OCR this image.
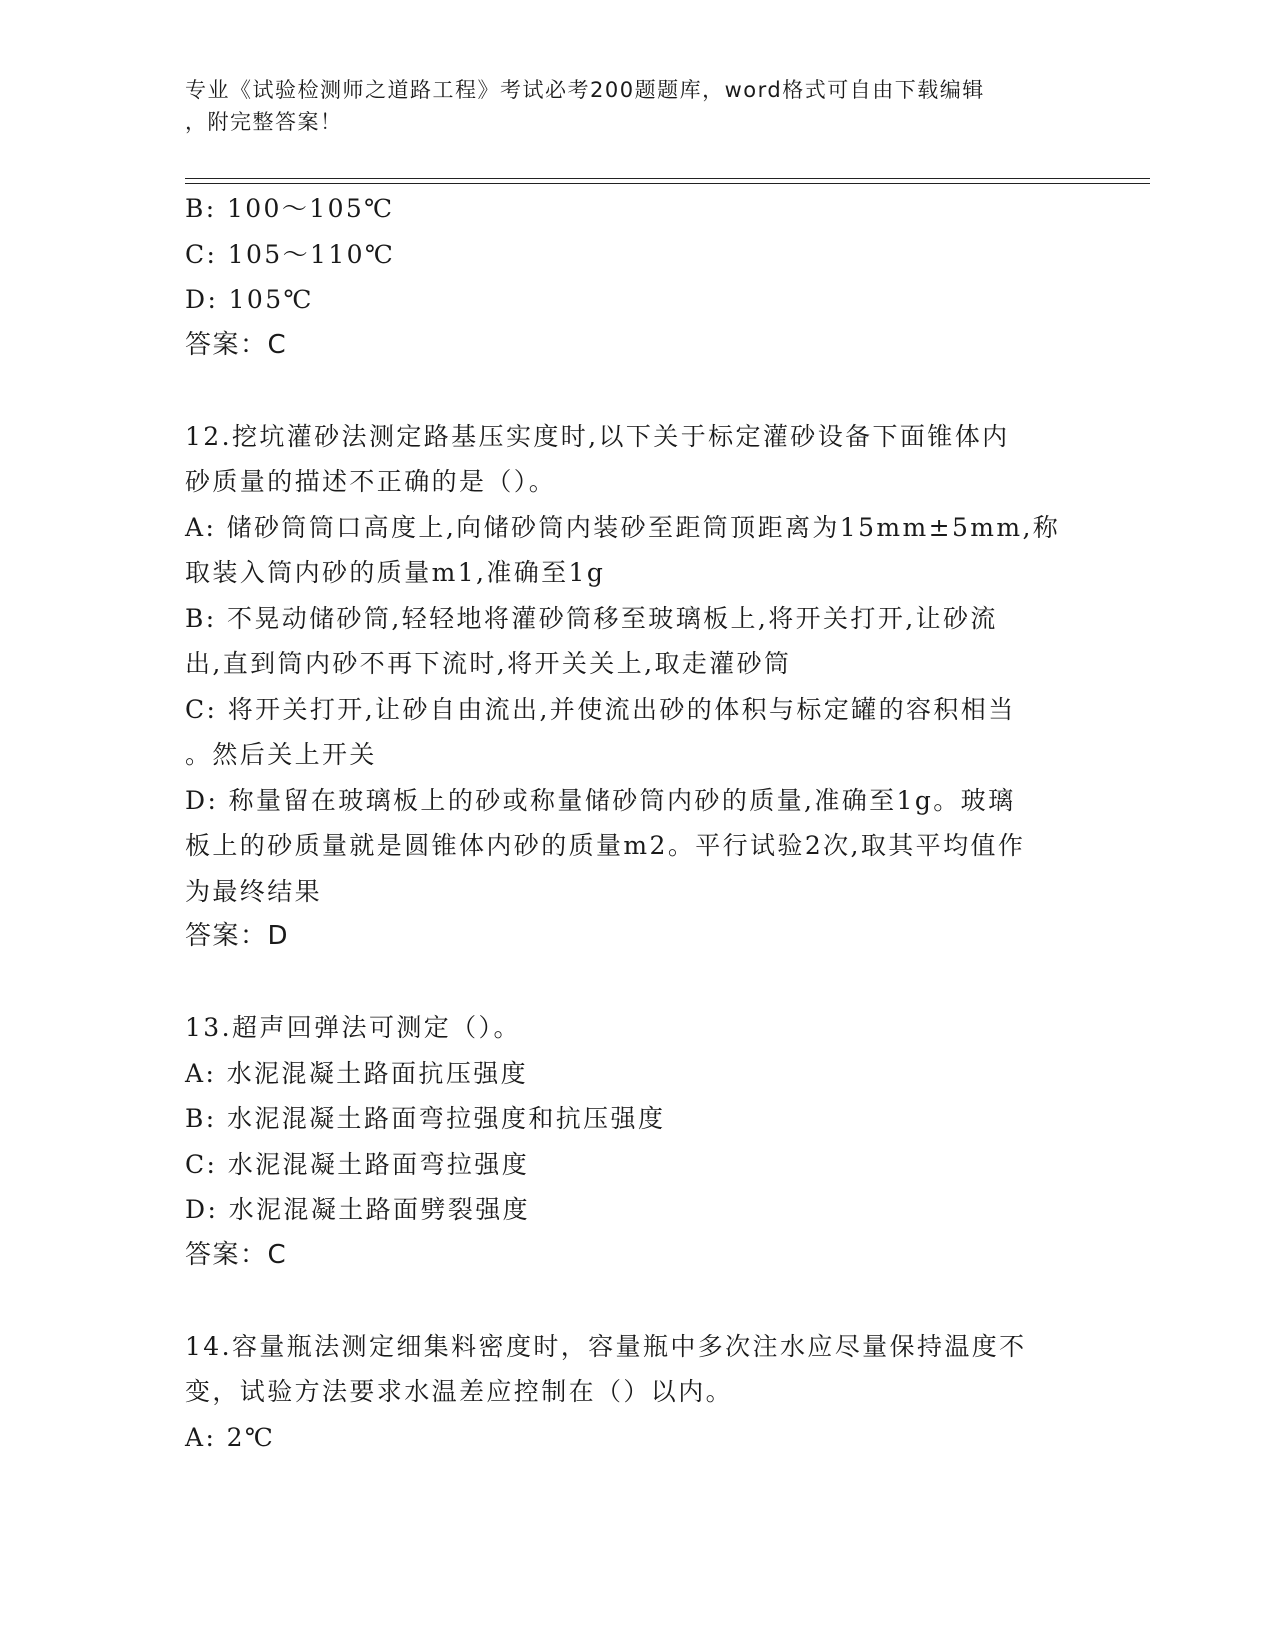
专业《试验检测师之道路工程》考试必考200题题库，word格式可自由下载编辑
，附完整答案！
B: 100～105℃
C: 105～110℃
D: 105℃
答案：C
12.挖坑灌砂法测定路基压实度时,以下关于标定灌砂设备下面锥体内
砂质量的描述不正确的是（）。
A: 储砂筒筒口高度上,向储砂筒内装砂至距筒顶距离为15mm±5mm,称
取装入筒内砂的质量m1,准确至1g
B: 不晃动储砂筒,轻轻地将灌砂筒移至玻璃板上,将开关打开,让砂流
出,直到筒内砂不再下流时,将开关关上,取走灌砂筒
C: 将开关打开,让砂自由流出,并使流出砂的体积与标定罐的容积相当
。然后关上开关
D: 称量留在玻璃板上的砂或称量储砂筒内砂的质量,准确至1g。玻璃
板上的砂质量就是圆锥体内砂的质量m2。平行试验2次,取其平均值作
为最终结果
答案：D
13.超声回弹法可测定（）。
A: 水泥混凝土路面抗压强度
B: 水泥混凝土路面弯拉强度和抗压强度
C: 水泥混凝土路面弯拉强度
D: 水泥混凝土路面劈裂强度
答案：C
14.容量瓶法测定细集料密度时，容量瓶中多次注水应尽量保持温度不
变，试验方法要求水温差应控制在（）以内。
A: 2℃
